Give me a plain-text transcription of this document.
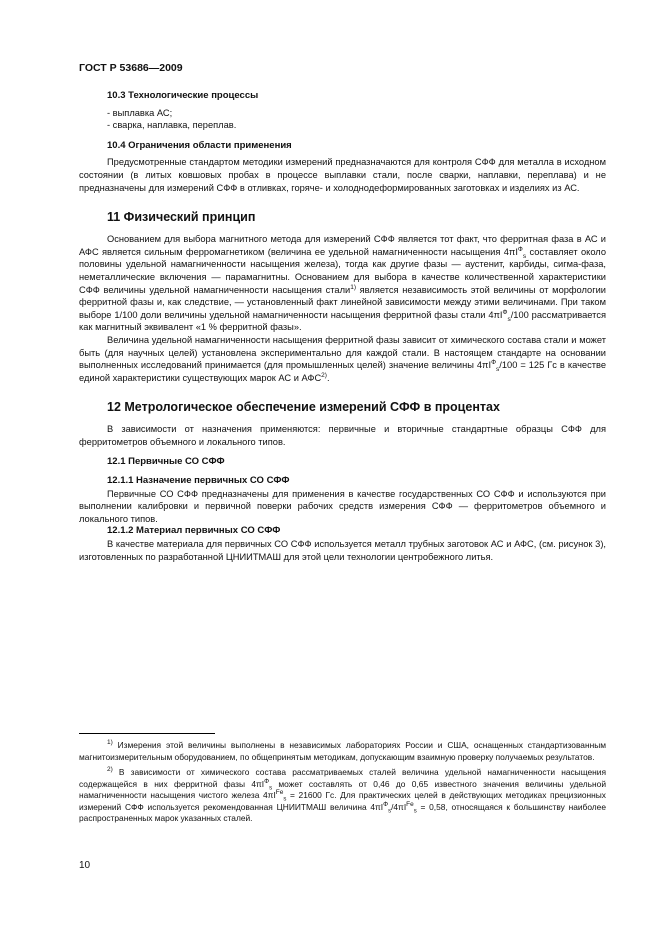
ГОСТ Р 53686—2009

10.3 Технологические процессы

- выплавка АС;

- сварка, наплавка, переплав.

10.4 Ограничения области применения

Предусмотренные стандартом методики измерений предназначаются для контроля СФФ для металла в исходном состоянии (в литых ковшовых пробах в процессе выплавки стали, после сварки, наплавки, переплава) и не предназначены для измерений СФФ в отливках, горяче- и холоднодеформированных заготовках и изделиях из АС.

11 Физический принцип

Основанием для выбора магнитного метода для измерений СФФ является тот факт, что ферритная фаза в АС и АФС является сильным ферромагнетиком (величина ее удельной намагниченности насыщения $4\pi I^Ф_s$ составляет около половины удельной намагниченности насыщения железа), тогда как другие фазы — аустенит, карбиды, сигма-фаза, неметаллические включения — парамагнитны. Основанием для выбора в качестве количественной характеристики СФФ величины удельной намагниченности насыщения стали$^{1)}$ является независимость этой величины от морфологии ферритной фазы и, как следствие, — установленный факт линейной зависимости между этими величинами. При таком выборе 1/100 доли величины удельной намагниченности насыщения ферритной фазы стали $4\pi I^Ф_s/100$ рассматривается как магнитный эквивалент «1 % ферритной фазы».

Величина удельной намагниченности насыщения ферритной фазы зависит от химического состава стали и может быть (для научных целей) установлена экспериментально для каждой стали. В настоящем стандарте на основании выполненных исследований принимается (для промышленных целей) значение величины $4\pi I^Ф_s/100 = 125$ Гс в качестве единой характеристики существующих марок АС и АФС$^{2)}$.

12 Метрологическое обеспечение измерений СФФ в процентах

В зависимости от назначения применяются: первичные и вторичные стандартные образцы СФФ для ферритометров объемного и локального типов.

12.1 Первичные СО СФФ

12.1.1 Назначение первичных СО СФФ

Первичные СО СФФ предназначены для применения в качестве государственных СО СФФ и используются при выполнении калибровки и первичной поверки рабочих средств измерения СФФ — ферритометров объемного и локального типов.

12.1.2 Материал первичных СО СФФ

В качестве материала для первичных СО СФФ используется металл трубных заготовок АС и АФС, (см. рисунок 3), изготовленных по разработанной ЦНИИТМАШ для этой цели технологии центробежного литья.

$^{1)}$ Измерения этой величины выполнены в независимых лабораториях России и США, оснащенных стандартизованным магнитоизмерительным оборудованием, по общепринятым методикам, допускающим взаимную проверку получаемых результатов.

$^{2)}$ В зависимости от химического состава рассматриваемых сталей величина удельной намагниченности насыщения содержащейся в них ферритной фазы $4\pi I^Ф_s$ может составлять от 0,46 до 0,65 известного значения величины удельной намагниченности насыщения чистого железа $4\pi I^{Fe}_s = 21600$ Гс. Для практических целей в действующих методиках прецизионных измерений СФФ используется рекомендованная ЦНИИТМАШ величина $4\pi I^Ф_s/4\pi I^{Fe}_s = 0,58$, относящаяся к большинству наиболее распространенных марок указанных сталей.

10
